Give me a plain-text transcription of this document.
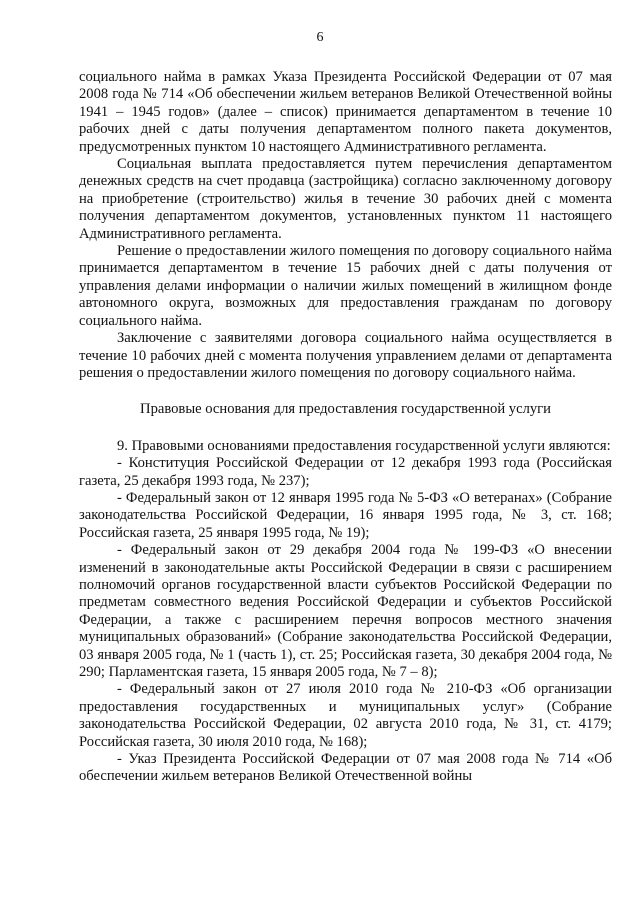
6

социального найма в рамках Указа Президента Российской Федерации от 07 мая 2008 года № 714 «Об обеспечении жильем ветеранов Великой Отечественной войны 1941 – 1945 годов» (далее – список) принимается департаментом в течение 10 рабочих дней с даты получения департаментом полного пакета документов, предусмотренных пунктом 10 настоящего Административного регламента.

Социальная выплата предоставляется путем перечисления департаментом денежных средств на счет продавца (застройщика) согласно заключенному договору на приобретение (строительство) жилья в течение 30 рабочих дней с момента получения департаментом документов, установленных пунктом 11 настоящего Административного регламента.

Решение о предоставлении жилого помещения по договору социального найма принимается департаментом в течение 15 рабочих дней с даты получения от управления делами информации о наличии жилых помещений в жилищном фонде автономного округа, возможных для предоставления гражданам по договору социального найма.

Заключение с заявителями договора социального найма осуществляется в течение 10 рабочих дней с момента получения управлением делами от департамента решения о предоставлении жилого помещения по договору социального найма.

Правовые основания для предоставления государственной услуги

9. Правовыми основаниями предоставления государственной услуги являются:

- Конституция Российской Федерации от 12 декабря 1993 года (Российская газета, 25 декабря 1993 года, № 237);

- Федеральный закон от 12 января 1995 года № 5-ФЗ «О ветеранах» (Собрание законодательства Российской Федерации, 16 января 1995 года, № 3, ст. 168; Российская газета, 25 января 1995 года, № 19);

- Федеральный закон от 29 декабря 2004 года № 199-ФЗ «О внесении изменений в законодательные акты Российской Федерации в связи с расширением полномочий органов государственной власти субъектов Российской Федерации по предметам совместного ведения Российской Федерации и субъектов Российской Федерации, а также с расширением перечня вопросов местного значения муниципальных образований» (Собрание законодательства Российской Федерации, 03 января 2005 года, № 1 (часть 1), ст. 25; Российская газета, 30 декабря 2004 года, № 290; Парламентская газета, 15 января 2005 года, № 7 – 8);

- Федеральный закон от 27 июля 2010 года № 210-ФЗ «Об организации предоставления государственных и муниципальных услуг» (Собрание законодательства Российской Федерации, 02 августа 2010 года, № 31, ст. 4179; Российская газета, 30 июля 2010 года, № 168);

- Указ Президента Российской Федерации от 07 мая 2008 года № 714 «Об обеспечении жильем ветеранов Великой Отечественной войны
